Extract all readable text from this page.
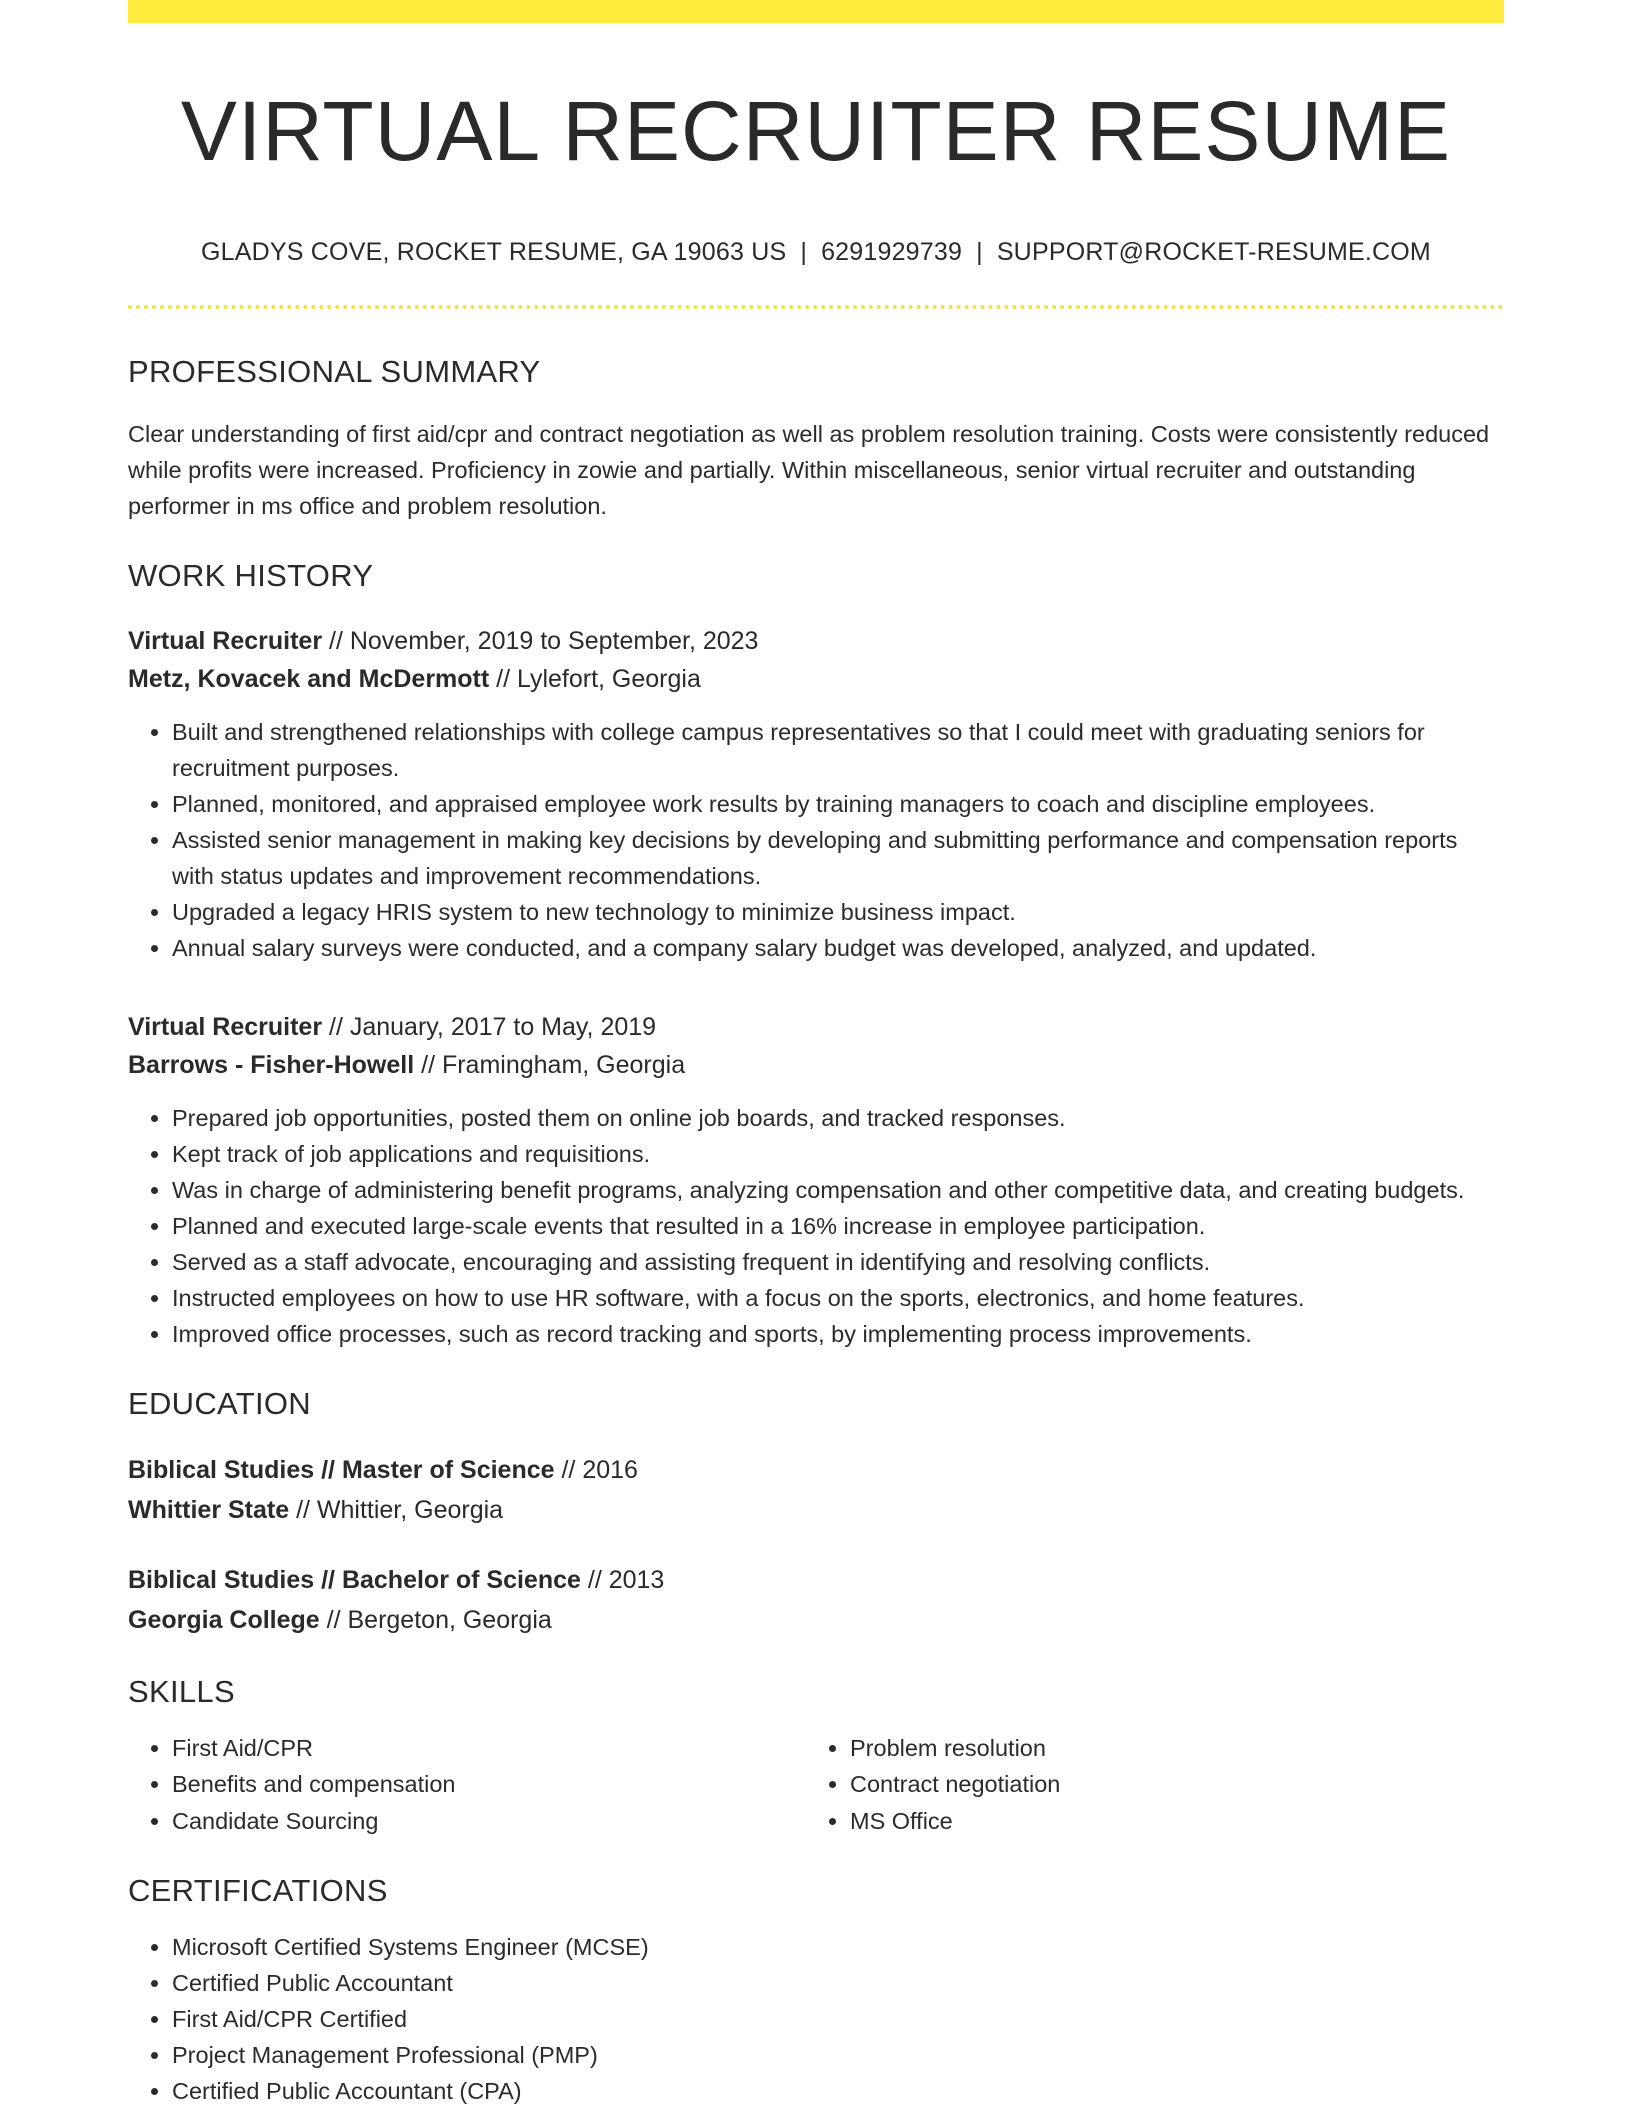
VIRTUAL RECRUITER RESUME
GLADYS COVE, ROCKET RESUME, GA 19063 US | 6291929739 | SUPPORT@ROCKET-RESUME.COM
PROFESSIONAL SUMMARY

Clear understanding of first aid/cpr and contract negotiation as well as problem resolution training. Costs were consistently reduced while profits were increased. Proficiency in zowie and partially. Within miscellaneous, senior virtual recruiter and outstanding performer in ms office and problem resolution.

WORK HISTORY
Virtual Recruiter // November, 2019 to September, 2023
Metz, Kovacek and McDermott // Lylefort, Georgia
• Built and strengthened relationships with college campus representatives so that I could meet with graduating seniors for recruitment purposes.
• Planned, monitored, and appraised employee work results by training managers to coach and discipline employees.
• Assisted senior management in making key decisions by developing and submitting performance and compensation reports with status updates and improvement recommendations.
• Upgraded a legacy HRIS system to new technology to minimize business impact.
• Annual salary surveys were conducted, and a company salary budget was developed, analyzed, and updated.
Virtual Recruiter // January, 2017 to May, 2019
Barrows - Fisher-Howell // Framingham, Georgia
• Prepared job opportunities, posted them on online job boards, and tracked responses.
• Kept track of job applications and requisitions.
• Was in charge of administering benefit programs, analyzing compensation and other competitive data, and creating budgets.
• Planned and executed large-scale events that resulted in a 16% increase in employee participation.
• Served as a staff advocate, encouraging and assisting frequent in identifying and resolving conflicts.
• Instructed employees on how to use HR software, with a focus on the sports, electronics, and home features.
• Improved office processes, such as record tracking and sports, by implementing process improvements.
EDUCATION
Biblical Studies // Master of Science // 2016
Whittier State // Whittier, Georgia
Biblical Studies // Bachelor of Science // 2013
Georgia College // Bergeton, Georgia
SKILLS
• First Aid/CPR
• Benefits and compensation
• Candidate Sourcing
• Problem resolution
• Contract negotiation
• MS Office
CERTIFICATIONS
• Microsoft Certified Systems Engineer (MCSE)
• Certified Public Accountant
• First Aid/CPR Certified
• Project Management Professional (PMP)
• Certified Public Accountant (CPA)
